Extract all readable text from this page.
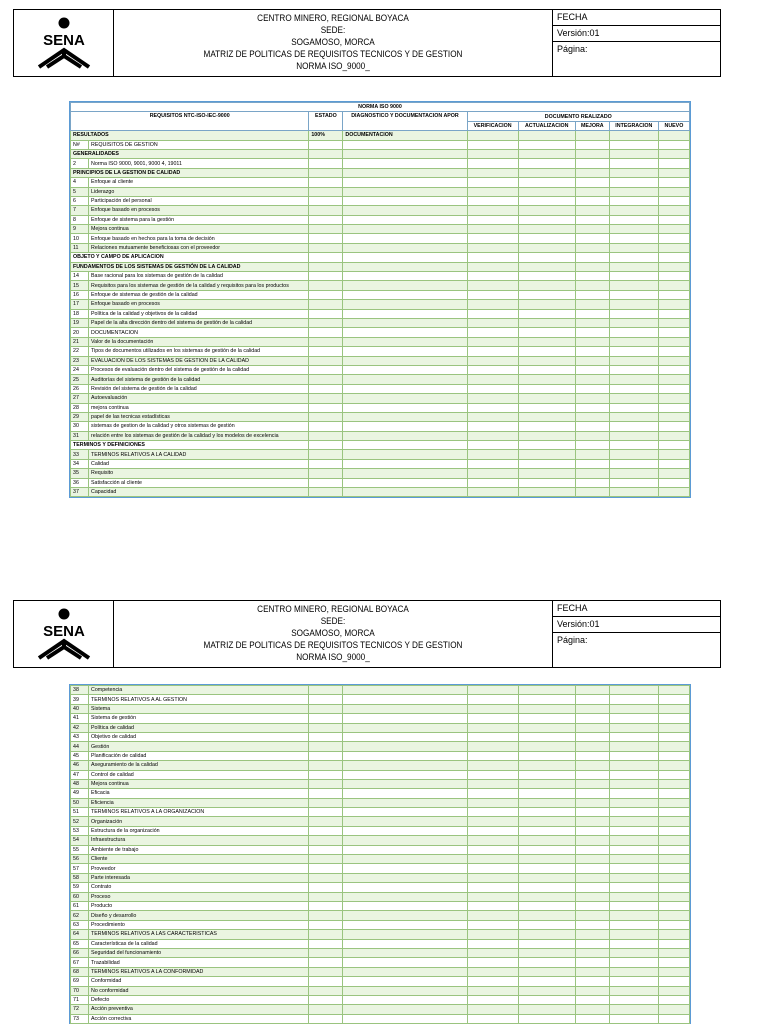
SENA
CENTRO MINERO, REGIONAL BOYACA
SEDE:
SOGAMOSO, MORCA
MATRIZ DE POLITICAS DE REQUISITOS TECNICOS Y DE GESTION
NORMA ISO_9000_
FECHA
Versión:01
Página:
NORMA ISO 9000								
REQUISITOS NTC-ISO-IEC-9000		ESTADO	DIAGNOSTICO Y DOCUMENTACION APOR	DOCUMENTO REALIZADO				
				VERIFICACION	ACTUALIZACION	MEJORA	INTEGRACION	NUEVO
RESULTADOS		100%	DOCUMENTACION					
N#	REQUISITOS DE GESTION							
GENERALIDADES								
2	Norma ISO 9000, 9001, 9000 4, 19011							
PRINCIPIOS DE LA GESTION DE CALIDAD								
4	Enfoque al cliente							
5	Liderazgo							
6	Participación del personal							
7	Enfoque basado en procesos							
8	Enfoque de sistema para la gestión							
9	Mejora continua							
10	Enfoque basado en hechos para la toma de decisión							
11	Relaciones mutuamente beneficiosas con el proveedor							
OBJETO Y CAMPO DE APLICACION								
FUNDAMENTOS DE LOS SISTEMAS DE GESTIÓN DE LA CALIDAD								
14	Base racional para los sistemas de gestión de la calidad							
15	Requisitos para los sistemas de gestión de la calidad y requisitos para los productos							
16	Enfoque de sistemas de gestión de la calidad							
17	Enfoque basado en procesos							
18	Política de la calidad y objetivos de la calidad							
19	Papel de la alta dirección dentro del sistema de gestión de la calidad							
20	DOCUMENTACION							
21	Valor de la documentación							
22	Tipos de documentos utilizados en los sistemas de gestión de la calidad							
23	EVALUACION DE LOS SISTEMAS DE GESTION DE LA CALIDAD							
24	Procesos de evaluación dentro del sistema de gestión de la calidad							
25	Auditorías del sistema de gestión de la calidad							
26	Revisión del sistema de gestión de la calidad							
27	Autoevaluación							
28	mejora continua							
29	papel de las tecnicas estadísticas							
30	sistemas de gestion de la calidad y otros sistemas de gestión							
31	relación entre los sistemas de gestión de la calidad y los modelos de excelencia							
TERMINOS Y DEFINICIONES								
33	TERMINOS RELATIVOS A LA CALIDAD							
34	Calidad							
35	Requisito							
36	Satisfacción al cliente							
37	Capacidad							
SENA
CENTRO MINERO, REGIONAL BOYACA
SEDE:
SOGAMOSO, MORCA
MATRIZ DE POLITICAS DE REQUISITOS TECNICOS Y DE GESTION
NORMA ISO_9000_
FECHA
Versión:01
Página:
38	Competencia							
39	TERMINOS RELATIVOS A AL GESTION							
40	Sistema							
41	Sistema de gestión							
42	Política de calidad							
43	Objetivo de calidad							
44	Gestión							
45	Planificación de calidad							
46	Aseguramiento de la calidad							
47	Control de calidad							
48	Mejora continua							
49	Eficacia							
50	Eficiencia							
51	TERMINOS RELATIVOS A LA ORGANIZACION							
52	Organización							
53	Estructura de la organización							
54	Infraestructura							
55	Ambiente de trabajo							
56	Cliente							
57	Proveedor							
58	Parte interesada							
59	Contrato							
60	Proceso							
61	Producto							
62	Diseño y desarrollo							
63	Procedimiento							
64	TERMINOS RELATIVOS A LAS CARACTERISTICAS							
65	Características de la calidad							
66	Seguridad del funcionamiento							
67	Trazabilidad							
68	TERMINOS RELATIVOS A LA CONFORMIDAD							
69	Conformidad							
70	No conformidad							
71	Defecto							
72	Acción preventiva							
73	Acción correctiva							
